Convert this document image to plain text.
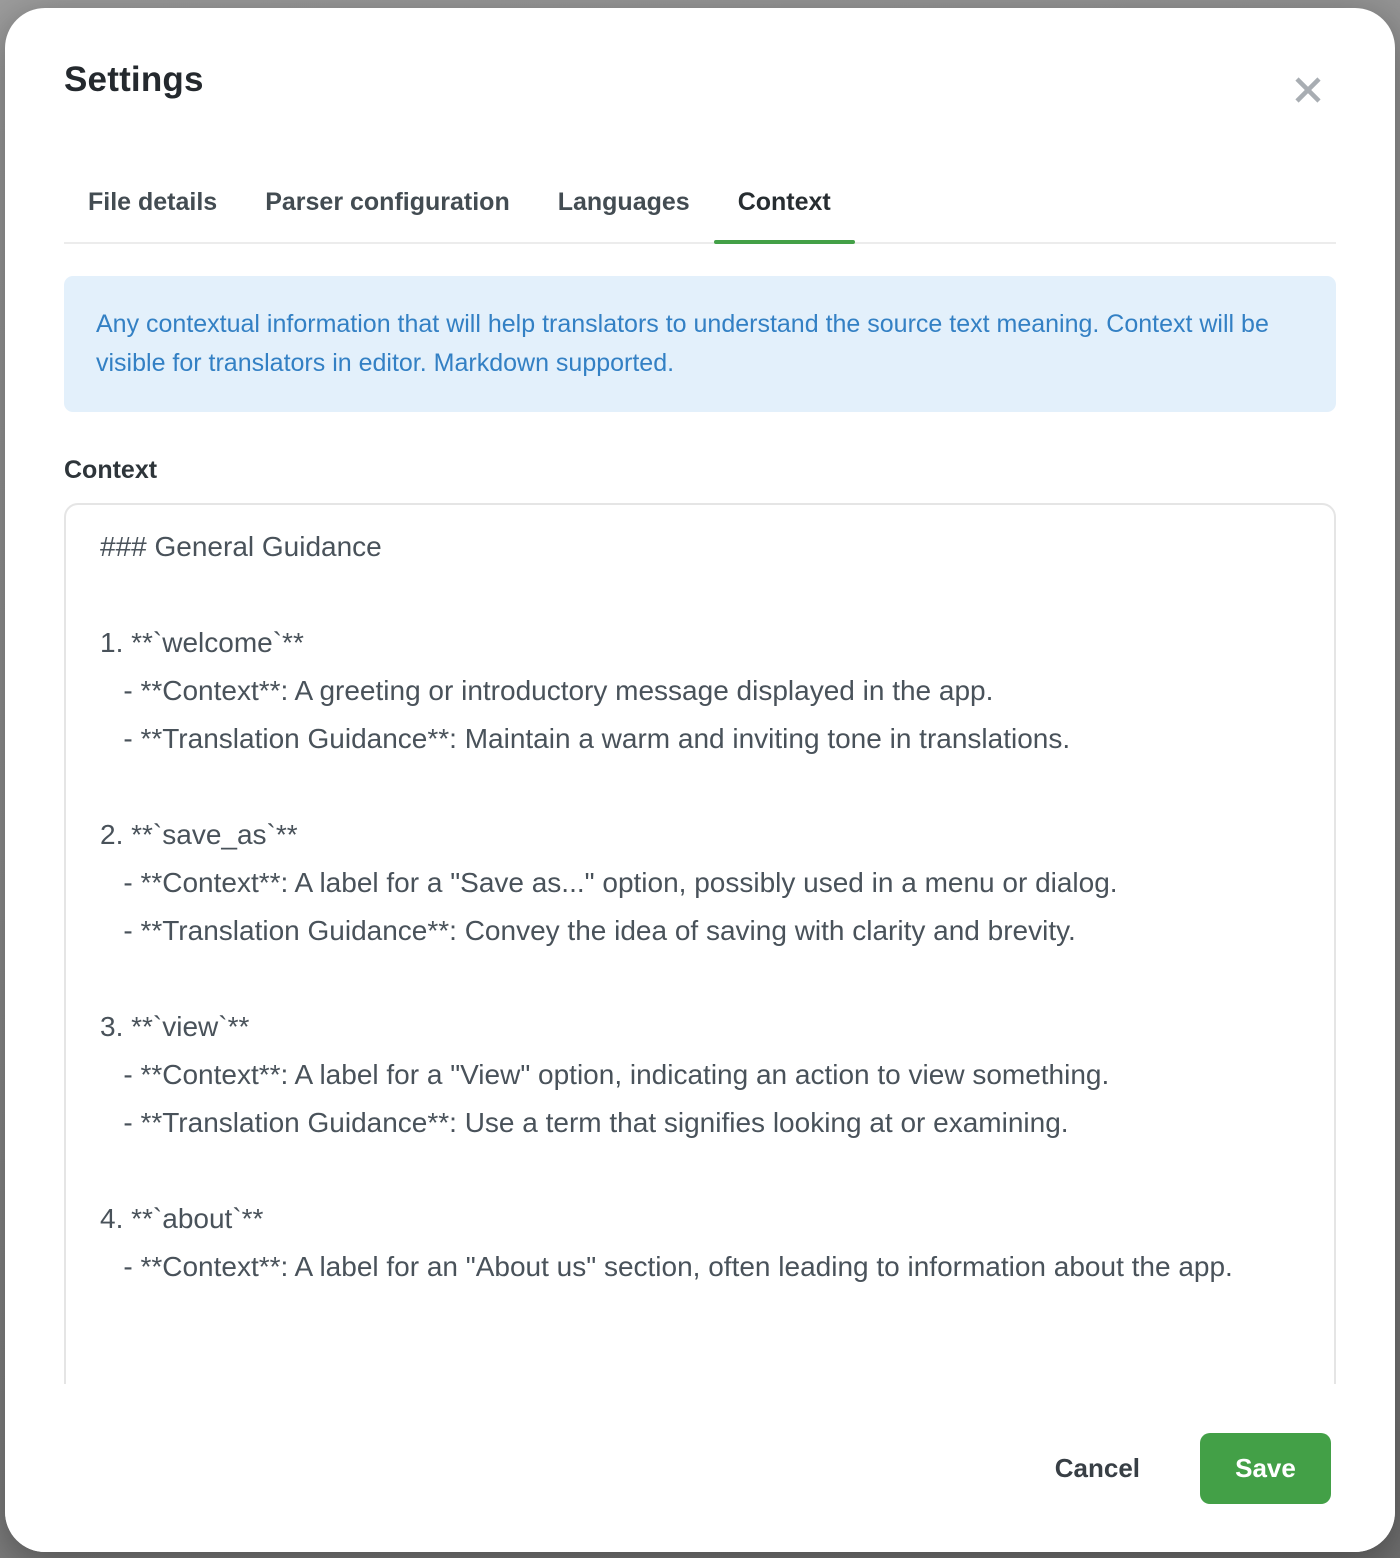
Settings
File details	Parser configuration	Languages	Context
Any contextual information that will help translators to understand the source text meaning. Context will be visible for translators in editor. Markdown supported.
Context
### General Guidance 1. **`welcome`** - **Context**: A greeting or introductory message displayed in the app. - **Translation Guidance**: Maintain a warm and inviting tone in translations. 2. **`save_as`** - **Context**: A label for a "Save as..." option, possibly used in a menu or dialog. - **Translation Guidance**: Convey the idea of saving with clarity and brevity. 3. **`view`** - **Context**: A label for a "View" option, indicating an action to view something. - **Translation Guidance**: Use a term that signifies looking at or examining. 4. **`about`** - **Context**: A label for an "About us" section, often leading to information about the app.
Cancel	Save
